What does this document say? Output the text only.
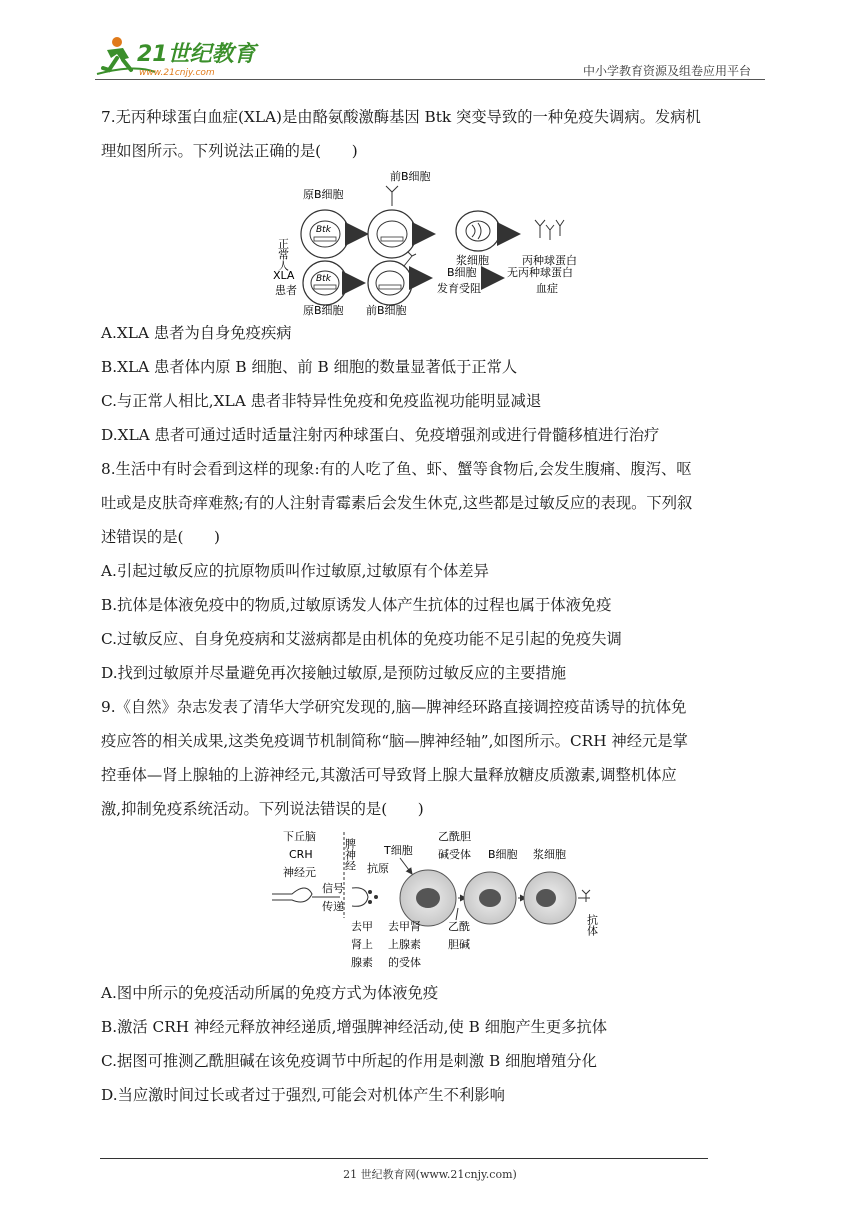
21世纪教育
www.21cnjy.com	中小学教育资源及组卷应用平台
7.无丙种球蛋白血症(XLA)是由酪氨酸激酶基因 Btk 突变导致的一种免疫失调病。发病机
理如图所示。下列说法正确的是(　　)
前B细胞
原B细胞
正常人
Btk
浆细胞	丙种球蛋白
XLA
患者
Btk	B细胞
发育受阻
无丙种球蛋白
血症
原B细胞 前B细胞
A.XLA 患者为自身免疫疾病
B.XLA 患者体内原 B 细胞、前 B 细胞的数量显著低于正常人
C.与正常人相比,XLA 患者非特异性免疫和免疫监视功能明显减退
D.XLA 患者可通过适时适量注射丙种球蛋白、免疫增强剂或进行骨髓移植进行治疗
8.生活中有时会看到这样的现象:有的人吃了鱼、虾、蟹等食物后,会发生腹痛、腹泻、呕
吐或是皮肤奇痒难熬;有的人注射青霉素后会发生休克,这些都是过敏反应的表现。下列叙
述错误的是(　　)
A.引起过敏反应的抗原物质叫作过敏原,过敏原有个体差异
B.抗体是体液免疫中的物质,过敏原诱发人体产生抗体的过程也属于体液免疫
C.过敏反应、自身免疫病和艾滋病都是由机体的免疫功能不足引起的免疫失调
D.找到过敏原并尽量避免再次接触过敏原,是预防过敏反应的主要措施
9.《自然》杂志发表了清华大学研究发现的,脑—脾神经环路直接调控疫苗诱导的抗体免
疫应答的相关成果,这类免疫调节机制简称“脑—脾神经轴”,如图所示。CRH 神经元是掌
控垂体—肾上腺轴的上游神经元,其激活可导致肾上腺大量释放糖皮质激素,调整机体应
激,抑制免疫系统活动。下列说法错误的是(　　)
下丘脑
CRH
神经元
脾神经
信号
传递
抗原
T细胞
乙酰胆
碱受体 B细胞 浆细胞
抗体
去甲
肾上
腺素
去甲肾
上腺素
的受体
乙酰
胆碱
A.图中所示的免疫活动所属的免疫方式为体液免疫
B.激活 CRH 神经元释放神经递质,增强脾神经活动,使 B 细胞产生更多抗体
C.据图可推测乙酰胆碱在该免疫调节中所起的作用是刺激 B 细胞增殖分化
D.当应激时间过长或者过于强烈,可能会对机体产生不利影响
21 世纪教育网(www.21cnjy.com)
